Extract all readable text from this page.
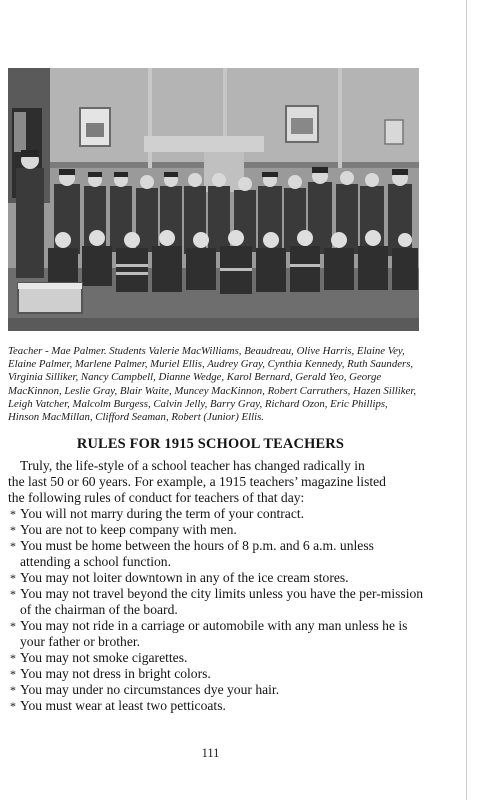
Teacher - Mae Palmer. Students Valerie MacWilliams, Beaudreau, Olive Harris, Elaine Vey, Elaine Palmer, Marlene Palmer, Muriel Ellis, Audrey Gray, Cynthia Kennedy, Ruth Saunders, Virginia Silliker, Nancy Campbell, Dianne Wedge, Karol Bernard, Gerald Yeo, George MacKinnon, Leslie Gray, Blair Waite, Muncey MacKinnon, Robert Carruthers, Hazen Silliker, Leigh Vatcher, Malcolm Burgess, Calvin Jelly, Barry Gray, Richard Ozon, Eric Phillips, Hinson MacMillan, Clifford Seaman, Robert (Junior) Ellis.
RULES FOR 1915 SCHOOL TEACHERS
Truly, the life-style of a school teacher has changed radically in
the last 50 or 60 years. For example, a 1915 teachers’ magazine listed
the following rules of conduct for teachers of that day:
* You will not marry during the term of your contract.
* You are not to keep company with men.
* You must be home between the hours of 8 p.m. and 6 a.m. unless attending a school function.
* You may not loiter downtown in any of the ice cream stores.
* You may not travel beyond the city limits unless you have the per-mission of the chairman of the board.
* You may not ride in a carriage or automobile with any man unless he is your father or brother.
* You may not smoke cigarettes.
* You may not dress in bright colors.
* You may under no circumstances dye your hair.
* You must wear at least two petticoats.
111
